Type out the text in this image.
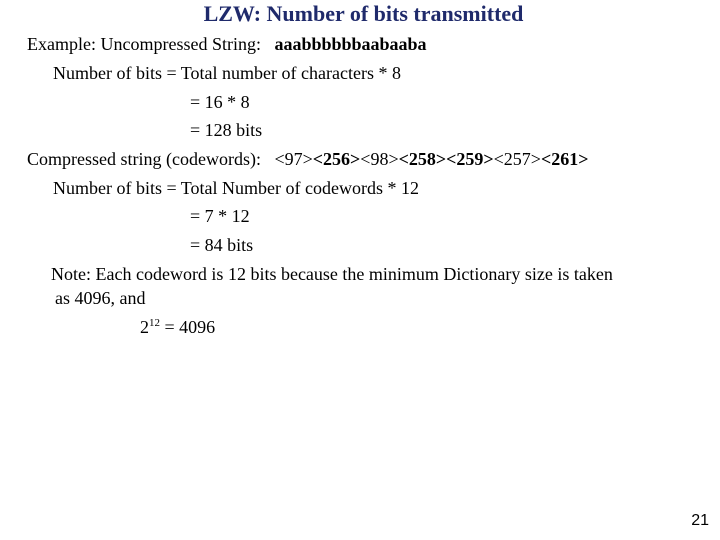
LZW: Number of bits transmitted
Example: Uncompressed String: aaabbbbbbaabaaba
Number of bits = Total number of characters * 8
= 16 * 8
= 128 bits
Compressed string (codewords): <97><256><98><258><259><257><261>
Number of bits = Total Number of codewords * 12
= 7 * 12
= 84 bits
Note: Each codeword is 12 bits because the minimum Dictionary size is taken
as 4096, and
$2^{12} = 4096$
21
